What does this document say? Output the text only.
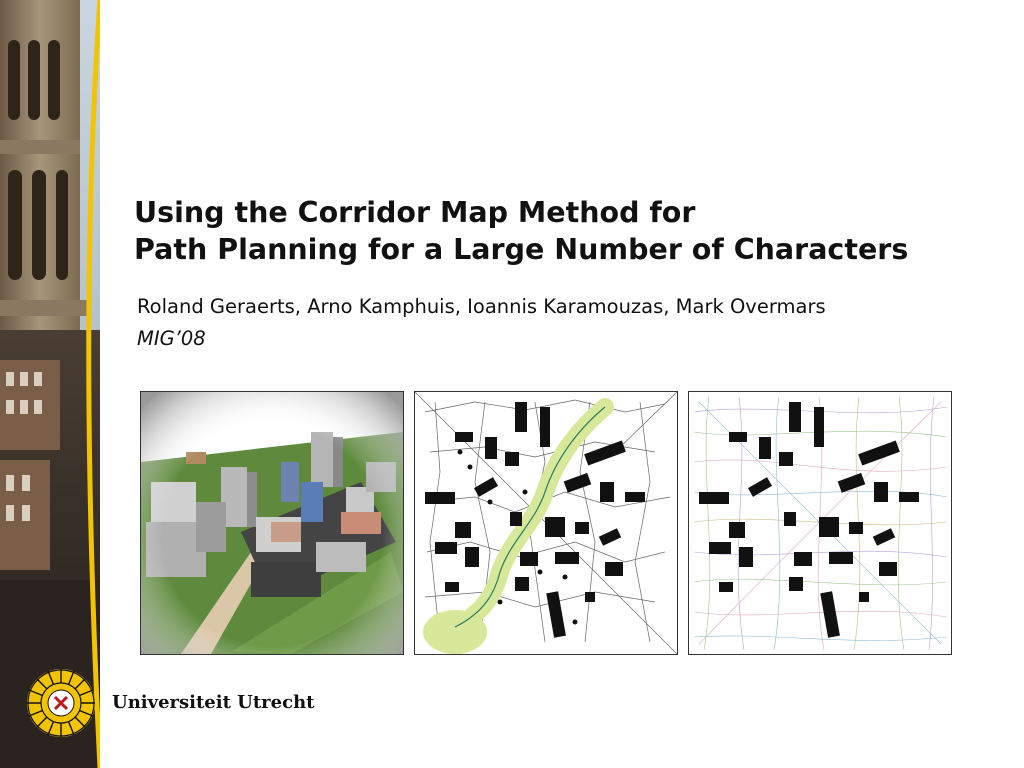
Using the Corridor Map Method for
Path Planning for a Large Number of Characters
Roland Geraerts, Arno Kamphuis, Ioannis Karamouzas, Mark Overmars
MIG’08
Universiteit Utrecht
